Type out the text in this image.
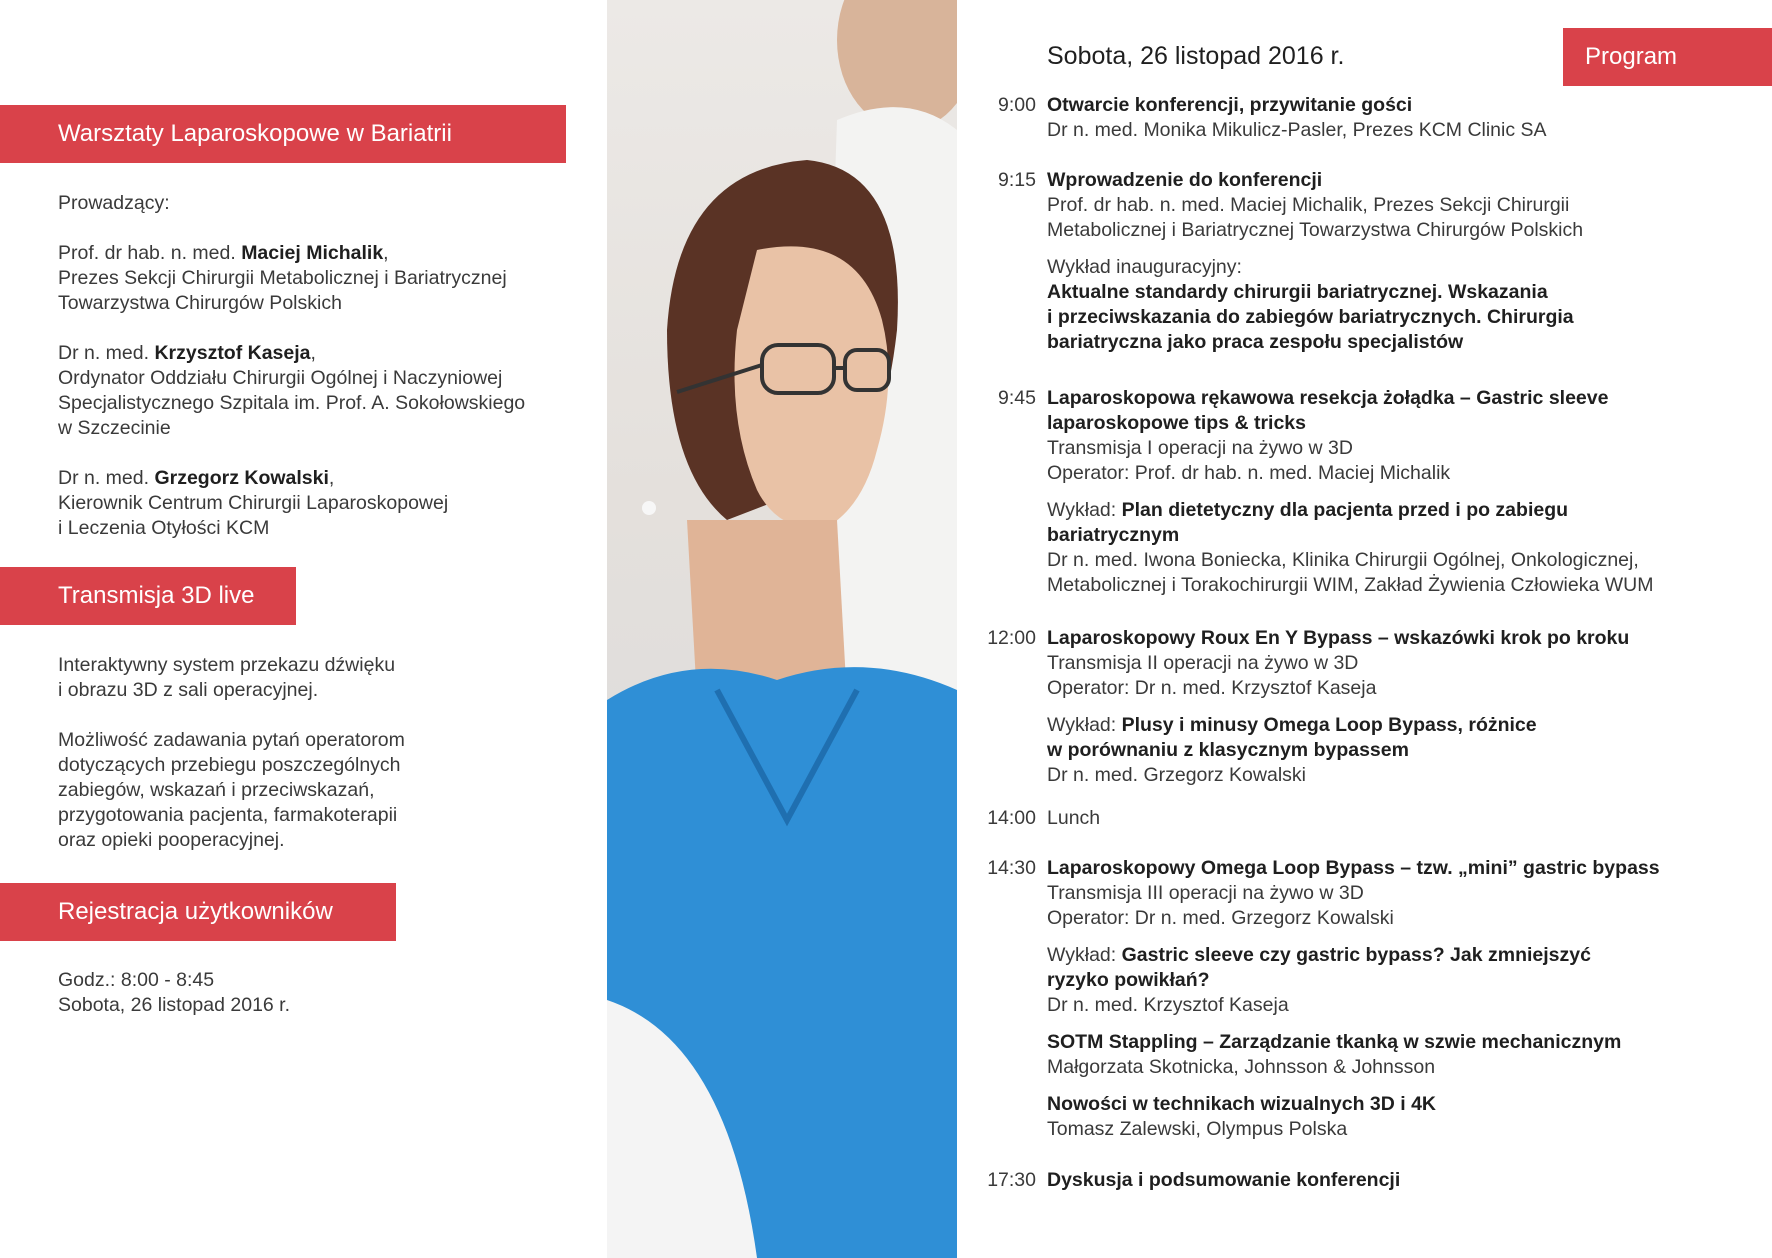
Warsztaty Laparoskopowe w Bariatrii

Prowadzący:

Prof. dr hab. n. med. Maciej Michalik,
Prezes Sekcji Chirurgii Metabolicznej i Bariatrycznej
Towarzystwa Chirurgów Polskich
Dr n. med. Krzysztof Kaseja,
Ordynator Oddziału Chirurgii Ogólnej i Naczyniowej
Specjalistycznego Szpitala im. Prof. A. Sokołowskiego
w Szczecinie
Dr n. med. Grzegorz Kowalski,
Kierownik Centrum Chirurgii Laparoskopowej
i Leczenia Otyłości KCM
Transmisja 3D live
Interaktywny system przekazu dźwięku
i obrazu 3D z sali operacyjnej.
Możliwość zadawania pytań operatorom
dotyczących przebiegu poszczególnych
zabiegów, wskazań i przeciwskazań,
przygotowania pacjenta, farmakoterapii
oraz opieki pooperacyjnej.
Rejestracja użytkowników
Godz.: 8:00 - 8:45
Sobota, 26 listopad 2016 r.
Sobota, 26 listopad 2016 r.	Program
9:00 Otwarcie konferencji, przywitanie gości
Dr n. med. Monika Mikulicz-Pasler, Prezes KCM Clinic SA
9:15 Wprowadzenie do konferencji
Prof. dr hab. n. med. Maciej Michalik, Prezes Sekcji Chirurgii
Metabolicznej i Bariatrycznej Towarzystwa Chirurgów Polskich
Wykład inauguracyjny:
Aktualne standardy chirurgii bariatrycznej. Wskazania
i przeciwskazania do zabiegów bariatrycznych. Chirurgia
bariatryczna jako praca zespołu specjalistów
9:45 Laparoskopowa rękawowa resekcja żołądka – Gastric sleeve
laparoskopowe tips & tricks
Transmisja I operacji na żywo w 3D
Operator: Prof. dr hab. n. med. Maciej Michalik
Wykład: Plan dietetyczny dla pacjenta przed i po zabiegu
bariatrycznym
Dr n. med. Iwona Boniecka, Klinika Chirurgii Ogólnej, Onkologicznej,
Metabolicznej i Torakochirurgii WIM, Zakład Żywienia Człowieka WUM
12:00 Laparoskopowy Roux En Y Bypass – wskazówki krok po kroku
Transmisja II operacji na żywo w 3D
Operator: Dr n. med. Krzysztof Kaseja
Wykład: Plusy i minusy Omega Loop Bypass, różnice
w porównaniu z klasycznym bypassem
Dr n. med. Grzegorz Kowalski
14:00 Lunch
14:30 Laparoskopowy Omega Loop Bypass – tzw. „mini” gastric bypass
Transmisja III operacji na żywo w 3D
Operator: Dr n. med. Grzegorz Kowalski
Wykład: Gastric sleeve czy gastric bypass? Jak zmniejszyć
ryzyko powikłań?
Dr n. med. Krzysztof Kaseja
SOTM Stappling – Zarządzanie tkanką w szwie mechanicznym
Małgorzata Skotnicka, Johnsson & Johnsson
Nowości w technikach wizualnych 3D i 4K
Tomasz Zalewski, Olympus Polska
17:30 Dyskusja i podsumowanie konferencji
